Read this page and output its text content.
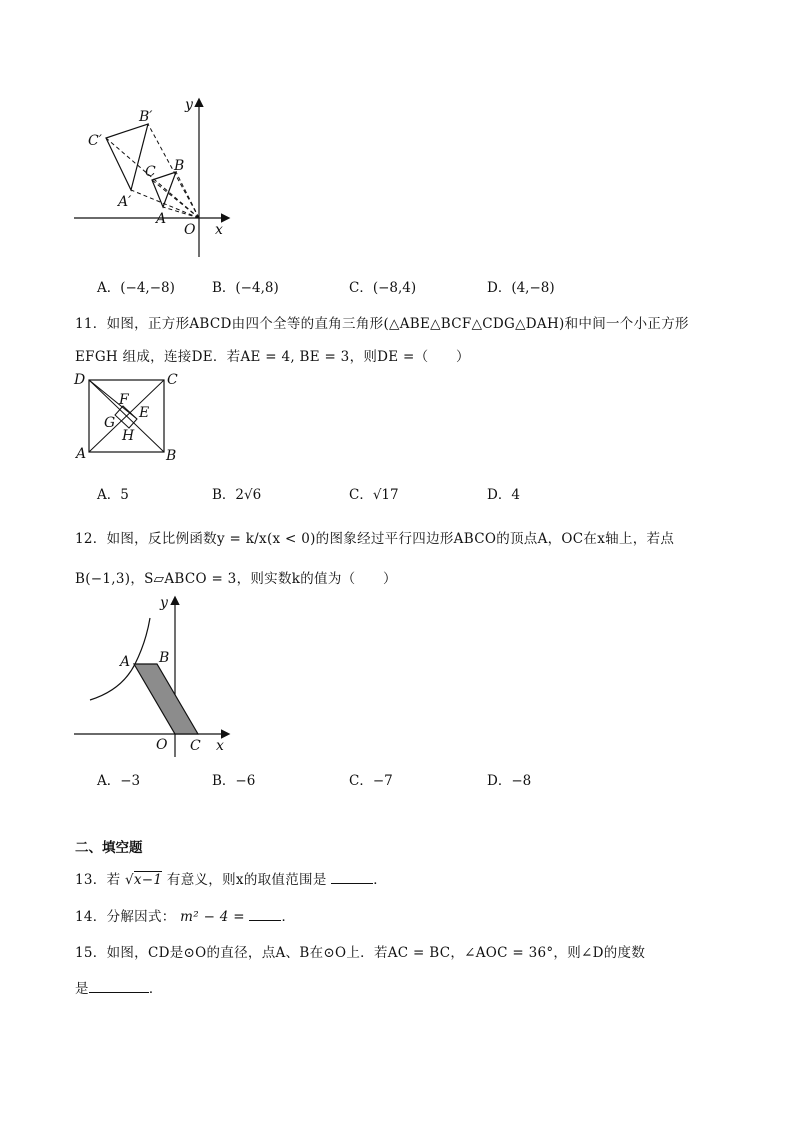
y
x
O
A
B
C
A′
B′
C′
A．(−4,−8)	B．(−4,8)	C．(−8,4)	D．(4,−8)
11．如图，正方形ABCD由四个全等的直角三角形(△ABE△BCF△CDG△DAH)和中间一个小正方形
EFGH 组成，连接DE．若AE = 4, BE = 3，则DE =（　　）
D	C
A	B
F
E
G
H
A．5	B．2√6	C．√17	D．4
12．如图，反比例函数y = k/x(x < 0)的图象经过平行四边形ABCO的顶点A，OC在x轴上，若点
B(−1,3)，S▱ABCO = 3，则实数k的值为（　　）
y
x
O
A B
C
A．−3	B．−6	C．−7	D．−8
二、填空题
13．若 √x−1 有意义，则x的取值范围是	．
14．分解因式： m² − 4 =	．
15．如图，CD是⊙O的直径，点A、B在⊙O上．若AC = BC，∠AOC = 36°，则∠D的度数
是	．
